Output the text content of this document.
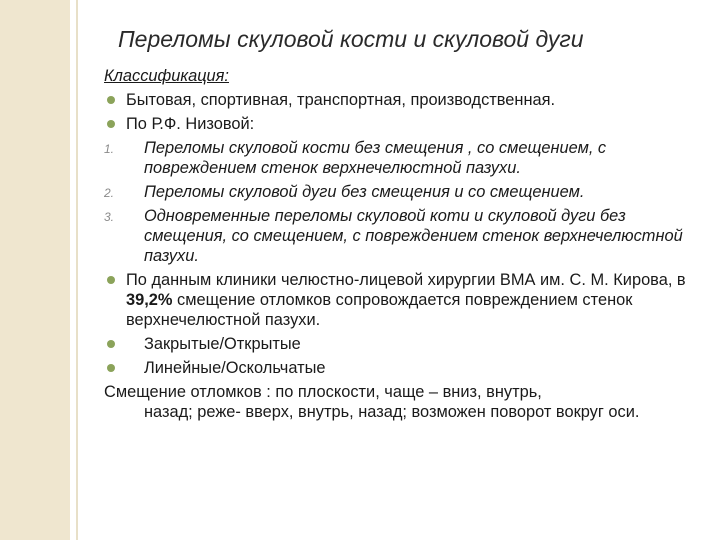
Переломы скуловой кости и скуловой дуги
Классификация:
Бытовая, спортивная, транспортная, производственная.
По Р.Ф. Низовой:
1. Переломы скуловой кости без смещения , со смещением, с повреждением стенок верхнечелюстной пазухи.
2. Переломы скуловой дуги без смещения и со смещением.
3. Одновременные переломы скуловой коти и скуловой дуги без смещения, со смещением, с повреждением стенок верхнечелюстной пазухи.
По данным клиники челюстно-лицевой хирургии ВМА им. С. М. Кирова, в 39,2% смещение отломков сопровождается повреждением стенок верхнечелюстной пазухи.
Закрытые/Открытые
Линейные/Оскольчатые
Смещение отломков : по плоскости, чаще – вниз, внутрь,
назад; реже- вверх, внутрь, назад; возможен поворот вокруг оси.
